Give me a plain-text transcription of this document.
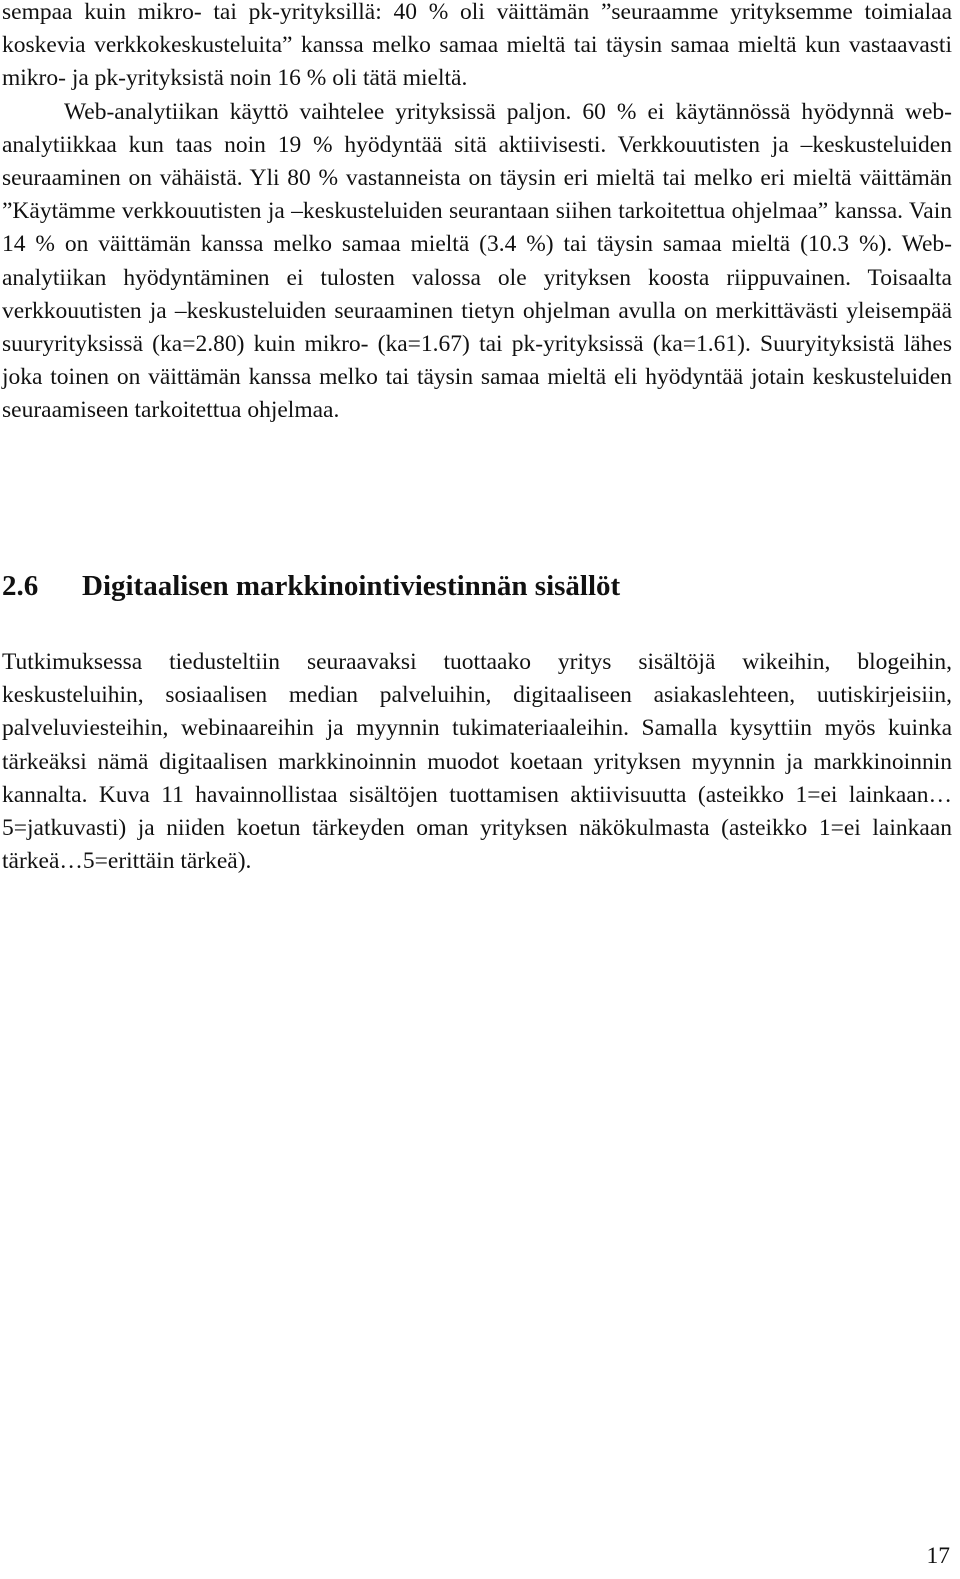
sempaa kuin mikro- tai pk-yrityksillä: 40 % oli väittämän ”seuraamme yrityksemme toimialaa koskevia verkkokeskusteluita” kanssa melko samaa mieltä tai täysin samaa mieltä kun vastaavasti mikro- ja pk-yrityksistä noin 16 % oli tätä mieltä.

Web-analytiikan käyttö vaihtelee yrityksissä paljon. 60 % ei käytännössä hyödynnä web-analytiikkaa kun taas noin 19 % hyödyntää sitä aktiivisesti. Verkkouutisten ja –keskusteluiden seuraaminen on vähäistä. Yli 80 % vastanneista on täysin eri mieltä tai melko eri mieltä väittämän ”Käytämme verkkouutisten ja –keskusteluiden seurantaan siihen tarkoitettua ohjelmaa” kanssa. Vain 14 % on väittämän kanssa melko samaa mieltä (3.4 %) tai täysin samaa mieltä (10.3 %). Web-analytiikan hyödyntäminen ei tulosten valossa ole yrityksen koosta riippuvainen. Toisaalta verkkouutisten ja –keskusteluiden seuraaminen tietyn ohjelman avulla on merkittävästi yleisempää suuryrityksissä (ka=2.80) kuin mikro- (ka=1.67) tai pk-yrityksissä (ka=1.61). Suuryityksistä lähes joka toinen on väittämän kanssa melko tai täysin samaa mieltä eli hyödyntää jotain keskusteluiden seuraamiseen tarkoitettua ohjelmaa.

2.6 Digitaalisen markkinointiviestinnän sisällöt

Tutkimuksessa tiedusteltiin seuraavaksi tuottaako yritys sisältöjä wikeihin, blogeihin, keskusteluihin, sosiaalisen median palveluihin, digitaaliseen asiakaslehteen, uutiskirjeisiin, palveluviesteihin, webinaareihin ja myynnin tukimateriaaleihin. Samalla kysyttiin myös kuinka tärkeäksi nämä digitaalisen markkinoinnin muodot koetaan yrityksen myynnin ja markkinoinnin kannalta. Kuva 11 havainnollistaa sisältöjen tuottamisen aktiivisuutta (asteikko 1=ei lainkaan…5=jatkuvasti) ja niiden koetun tärkeyden oman yrityksen näkökulmasta (asteikko 1=ei lainkaan tärkeä…5=erittäin tärkeä).

17
